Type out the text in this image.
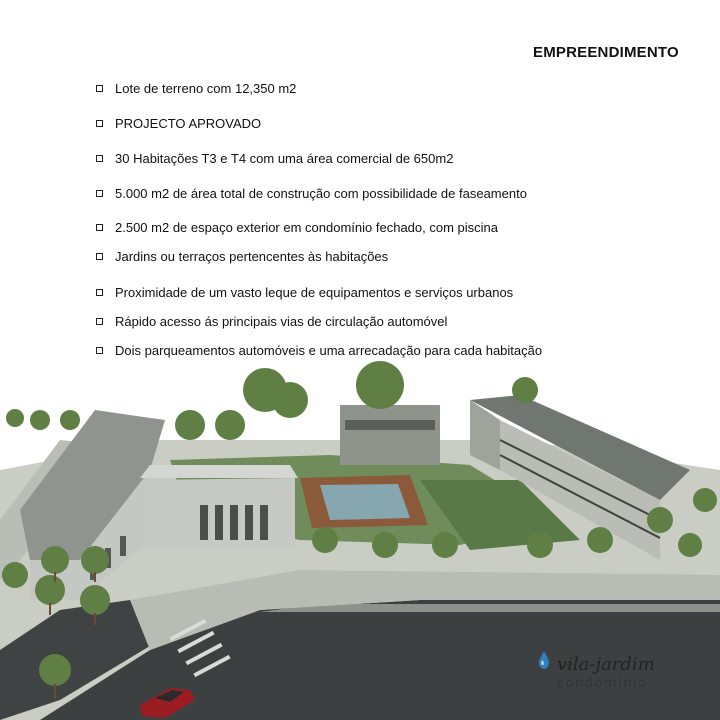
EMPREENDIMENTO
Lote de terreno com 12,350 m2
PROJECTO APROVADO
30 Habitações T3 e T4 com uma área comercial de 650m2
5.000 m2 de área total de construção com possibilidade de faseamento
2.500 m2 de espaço exterior em condomínio fechado, com piscina
Jardins ou terraços pertencentes às habitações
Proximidade de um vasto leque de equipamentos e serviços urbanos
Rápido acesso ás principais vias de circulação automóvel
Dois parqueamentos automóveis e uma arrecadação para cada habitação
vila-jardim
condominio
